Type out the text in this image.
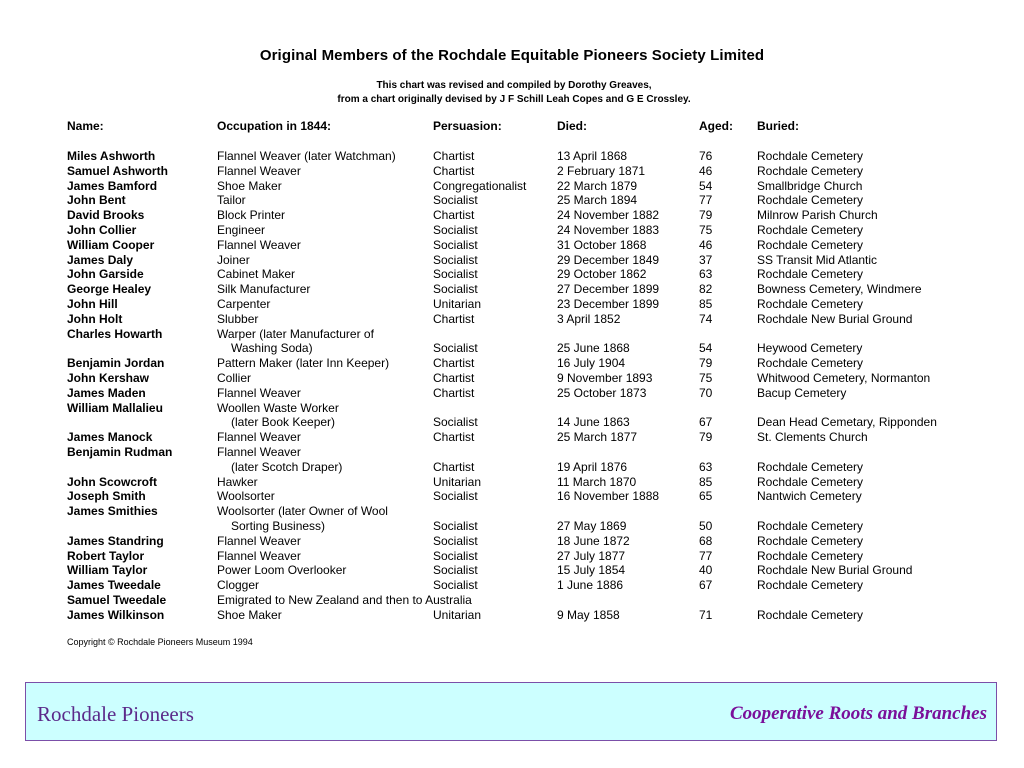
Original Members of the Rochdale Equitable Pioneers Society Limited
This chart was revised and compiled by Dorothy Greaves,
from a chart originally devised by J F Schill Leah Copes and G E Crossley.
Name:	Occupation in 1844:	Persuasion:	Died:	Aged: Buried:
Miles Ashworth	Flannel Weaver (later Watchman)	Chartist	13 April 1868	76	Rochdale Cemetery
Samuel Ashworth	Flannel Weaver	Chartist	2 February 1871	46	Rochdale Cemetery
James Bamford	Shoe Maker	Congregationalist	22 March 1879	54	Smallbridge Church
John Bent	Tailor	Socialist	25 March 1894	77	Rochdale Cemetery
David Brooks	Block Printer	Chartist	24 November 1882	79	Milnrow Parish Church
John Collier	Engineer	Socialist	24 November 1883	75	Rochdale Cemetery
William Cooper	Flannel Weaver	Socialist	31 October 1868	46	Rochdale Cemetery
James Daly	Joiner	Socialist	29 December 1849	37	SS Transit Mid Atlantic
John Garside	Cabinet Maker	Socialist	29 October 1862	63	Rochdale Cemetery
George Healey	Silk Manufacturer	Socialist	27 December 1899	82	Bowness Cemetery, Windmere
John Hill	Carpenter	Unitarian	23 December 1899	85	Rochdale Cemetery
John Holt	Slubber	Chartist	3 April 1852	74	Rochdale New Burial Ground
Charles Howarth	Warper (later Manufacturer of
Washing Soda)	Socialist	25 June 1868	54	Heywood Cemetery
Benjamin Jordan	Pattern Maker (later Inn Keeper)	Chartist	16 July 1904	79	Rochdale Cemetery
John Kershaw	Collier	Chartist	9 November 1893	75	Whitwood Cemetery, Normanton
James Maden	Flannel Weaver	Chartist	25 October 1873	70	Bacup Cemetery
William Mallalieu	Woollen Waste Worker
(later Book Keeper)	Socialist	14 June 1863	67	Dean Head Cemetary, Ripponden
James Manock	Flannel Weaver	Chartist	25 March 1877	79	St. Clements Church
Benjamin Rudman	Flannel Weaver
(later Scotch Draper)	Chartist	19 April 1876	63	Rochdale Cemetery
John Scowcroft	Hawker	Unitarian	11 March 1870	85	Rochdale Cemetery
Joseph Smith	Woolsorter	Socialist	16 November 1888	65	Nantwich Cemetery
James Smithies	Woolsorter (later Owner of Wool
Sorting Business)	Socialist	27 May 1869	50	Rochdale Cemetery
James Standring	Flannel Weaver	Socialist	18 June 1872	68	Rochdale Cemetery
Robert Taylor	Flannel Weaver	Socialist	27 July 1877	77	Rochdale Cemetery
William Taylor	Power Loom Overlooker	Socialist	15 July 1854	40	Rochdale New Burial Ground
James Tweedale	Clogger	Socialist	1 June 1886	67	Rochdale Cemetery
Samuel Tweedale	Emigrated to New Zealand and then to Australia
James Wilkinson	Shoe Maker	Unitarian	9 May 1858	71	Rochdale Cemetery
Copyright © Rochdale Pioneers Museum 1994
Rochdale Pioneers	Cooperative Roots and Branches
